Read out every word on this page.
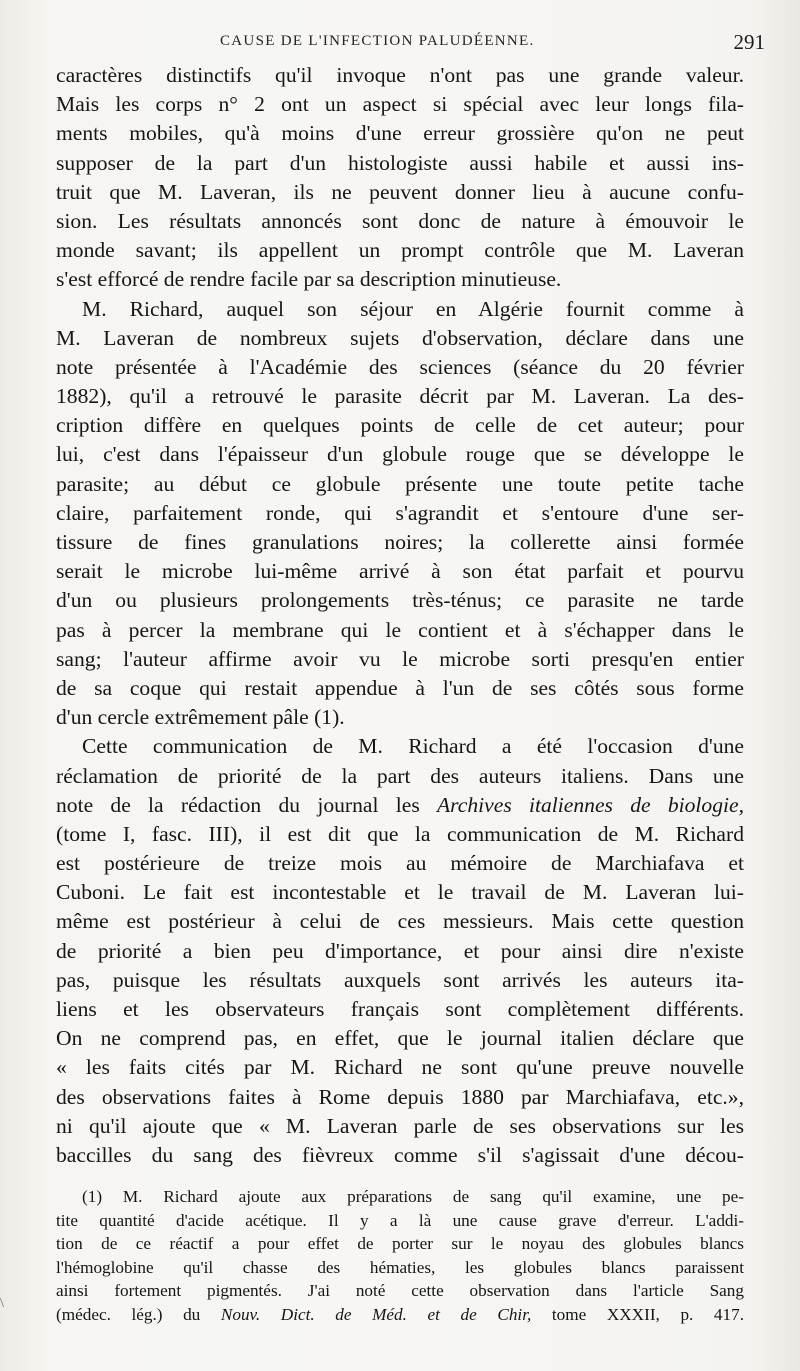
CAUSE DE L'INFECTION PALUDÉENNE.	291
caractères distinctifs qu'il invoque n'ont pas une grande valeur.
Mais les corps n° 2 ont un aspect si spécial avec leur longs fila-
ments mobiles, qu'à moins d'une erreur grossière qu'on ne peut
supposer de la part d'un histologiste aussi habile et aussi ins-
truit que M. Laveran, ils ne peuvent donner lieu à aucune confu-
sion. Les résultats annoncés sont donc de nature à émouvoir le
monde savant; ils appellent un prompt contrôle que M. Laveran
s'est efforcé de rendre facile par sa description minutieuse.
M. Richard, auquel son séjour en Algérie fournit comme à
M. Laveran de nombreux sujets d'observation, déclare dans une
note présentée à l'Académie des sciences (séance du 20 février
1882), qu'il a retrouvé le parasite décrit par M. Laveran. La des-
cription diffère en quelques points de celle de cet auteur; pour
lui, c'est dans l'épaisseur d'un globule rouge que se développe le
parasite; au début ce globule présente une toute petite tache
claire, parfaitement ronde, qui s'agrandit et s'entoure d'une ser-
tissure de fines granulations noires; la collerette ainsi formée
serait le microbe lui-même arrivé à son état parfait et pourvu
d'un ou plusieurs prolongements très-ténus; ce parasite ne tarde
pas à percer la membrane qui le contient et à s'échapper dans le
sang; l'auteur affirme avoir vu le microbe sorti presqu'en entier
de sa coque qui restait appendue à l'un de ses côtés sous forme
d'un cercle extrêmement pâle (1).
Cette communication de M. Richard a été l'occasion d'une
réclamation de priorité de la part des auteurs italiens. Dans une
note de la rédaction du journal les Archives italiennes de biologie,
(tome I, fasc. III), il est dit que la communication de M. Richard
est postérieure de treize mois au mémoire de Marchiafava et
Cuboni. Le fait est incontestable et le travail de M. Laveran lui-
même est postérieur à celui de ces messieurs. Mais cette question
de priorité a bien peu d'importance, et pour ainsi dire n'existe
pas, puisque les résultats auxquels sont arrivés les auteurs ita-
liens et les observateurs français sont complètement différents.
On ne comprend pas, en effet, que le journal italien déclare que
« les faits cités par M. Richard ne sont qu'une preuve nouvelle
des observations faites à Rome depuis 1880 par Marchiafava, etc.»,
ni qu'il ajoute que « M. Laveran parle de ses observations sur les
baccilles du sang des fièvreux comme s'il s'agissait d'une décou-
(1) M. Richard ajoute aux préparations de sang qu'il examine, une pe-
tite quantité d'acide acétique. Il y a là une cause grave d'erreur. L'addi-
tion de ce réactif a pour effet de porter sur le noyau des globules blancs
l'hémoglobine qu'il chasse des hématies, les globules blancs paraissent
ainsi fortement pigmentés. J'ai noté cette observation dans l'article Sang
(médec. lég.) du Nouv. Dict. de Méd. et de Chir, tome XXXII, p. 417.
\
